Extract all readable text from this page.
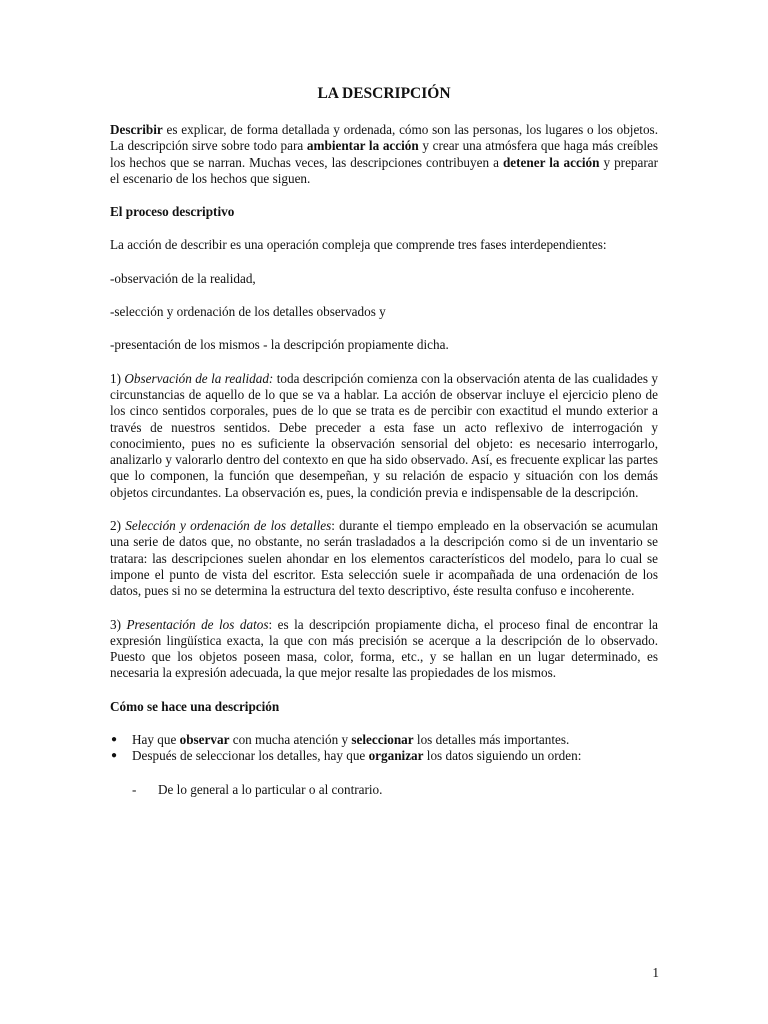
LA DESCRIPCIÓN

Describir es explicar, de forma detallada y ordenada, cómo son las personas, los lugares o los objetos. La descripción sirve sobre todo para ambientar la acción y crear una atmósfera que haga más creíbles los hechos que se narran. Muchas veces, las descripciones contribuyen a detener la acción y preparar el escenario de los hechos que siguen.

El proceso descriptivo

La acción de describir es una operación compleja que comprende tres fases interdependientes:

-observación de la realidad,

-selección y ordenación de los detalles observados y

-presentación de los mismos - la descripción propiamente dicha.

1) Observación de la realidad: toda descripción comienza con la observación atenta de las cualidades y circunstancias de aquello de lo que se va a hablar. La acción de observar incluye el ejercicio pleno de los cinco sentidos corporales, pues de lo que se trata es de percibir con exactitud el mundo exterior a través de nuestros sentidos. Debe preceder a esta fase un acto reflexivo de interrogación y conocimiento, pues no es suficiente la observación sensorial del objeto: es necesario interrogarlo, analizarlo y valorarlo dentro del contexto en que ha sido observado. Así, es frecuente explicar las partes que lo componen, la función que desempeñan, y su relación de espacio y situación con los demás objetos circundantes. La observación es, pues, la condición previa e indispensable de la descripción.

2) Selección y ordenación de los detalles: durante el tiempo empleado en la observación se acumulan una serie de datos que, no obstante, no serán trasladados a la descripción como si de un inventario se tratara: las descripciones suelen ahondar en los elementos característicos del modelo, para lo cual se impone el punto de vista del escritor. Esta selección suele ir acompañada de una ordenación de los datos, pues si no se determina la estructura del texto descriptivo, éste resulta confuso e incoherente.

3) Presentación de los datos: es la descripción propiamente dicha, el proceso final de encontrar la expresión lingüística exacta, la que con más precisión se acerque a la descripción de lo observado. Puesto que los objetos poseen masa, color, forma, etc., y se hallan en un lugar determinado, es necesaria la expresión adecuada, la que mejor resalte las propiedades de los mismos.

Cómo se hace una descripción
● Hay que observar con mucha atención y seleccionar los detalles más importantes.
● Después de seleccionar los detalles, hay que organizar los datos siguiendo un orden:
- De lo general a lo particular o al contrario.
1
